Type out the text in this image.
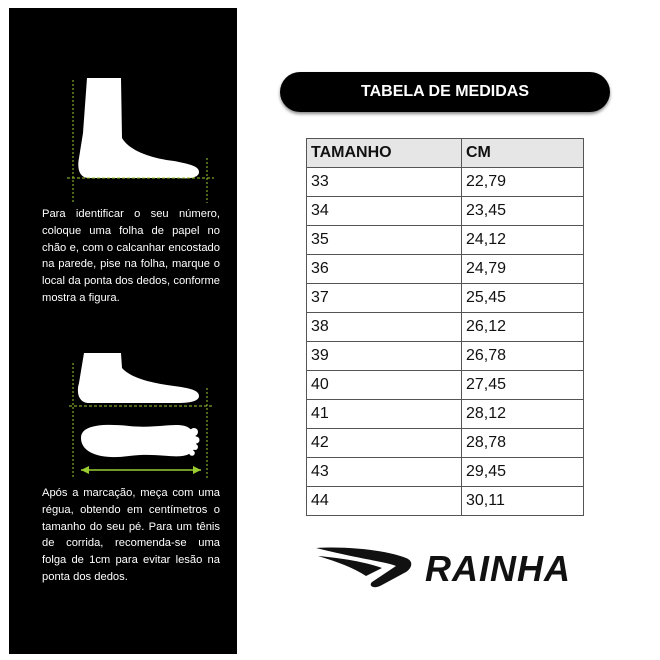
Para identificar o seu número, coloque uma folha de papel no chão e, com o calcanhar encostado na parede, pise na folha, marque o local da ponta dos dedos, conforme mostra a figura.
Após a marcação, meça com uma régua, obtendo em centímetros o tamanho do seu pé. Para um tênis de corrida, recomenda-se uma folga de 1cm para evitar lesão na ponta dos dedos.
TABELA DE MEDIDAS
TAMANHO	CM
33	22,79
34	23,45
35	24,12
36	24,79
37	25,45
38	26,12
39	26,78
40	27,45
41	28,12
42	28,78
43	29,45
44	30,11
RAINHA
